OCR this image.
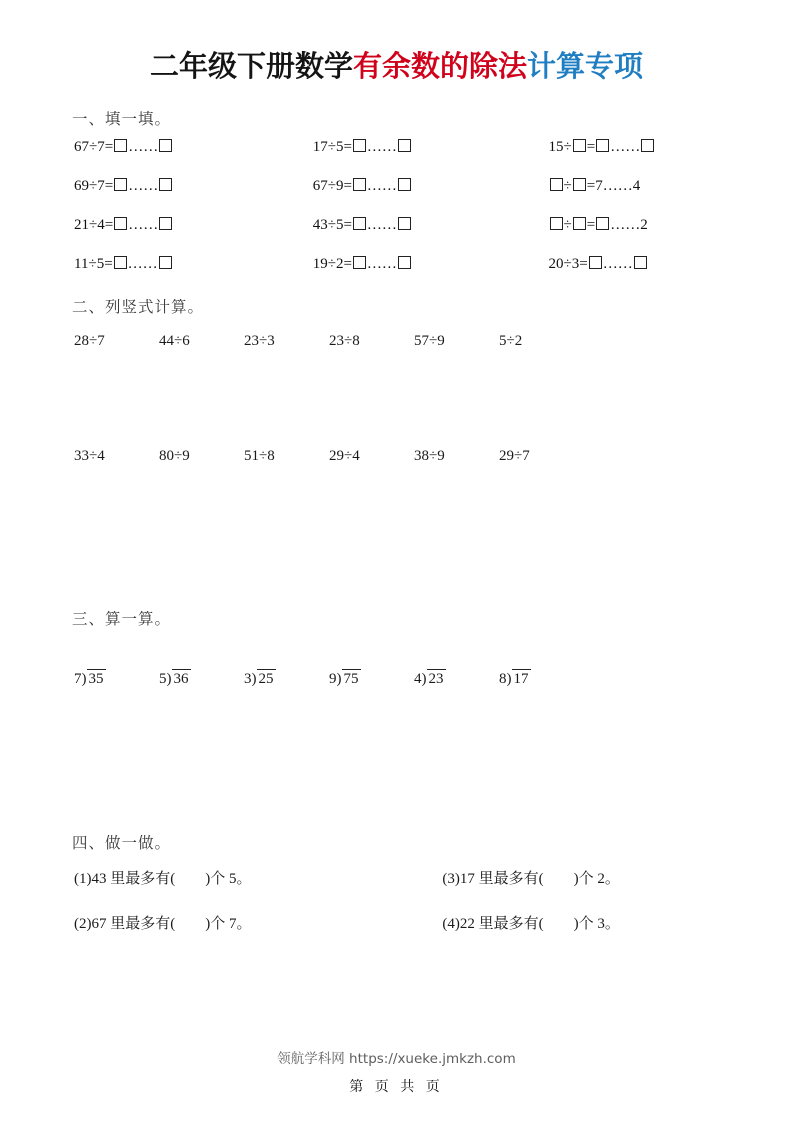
二年级下册数学有余数的除法计算专项
一、填一填。
67÷7= ……	17÷5= ……	15÷ = ……
69÷7= ……	67÷9= ……	÷ =7……4
21÷4= ……	43÷5= ……	÷ = ……2
11÷5= ……	19÷2= ……	20÷3= ……
二、列竖式计算。
28÷7	44÷6	23÷3	23÷8	57÷9	5÷2
33÷4	80÷9	51÷8	29÷4	38÷9	29÷7
三、算一算。
7) 35	5) 36	3) 25	9) 75	4) 23	8) 17
四、做一做。
(1)43 里最多有(　　)个 5。	(3)17 里最多有(　　)个 2。
(2)67 里最多有(　　)个 7。	(4)22 里最多有(　　)个 3。
领航学科网 https://xueke.jmkzh.com
第 页 共 页
